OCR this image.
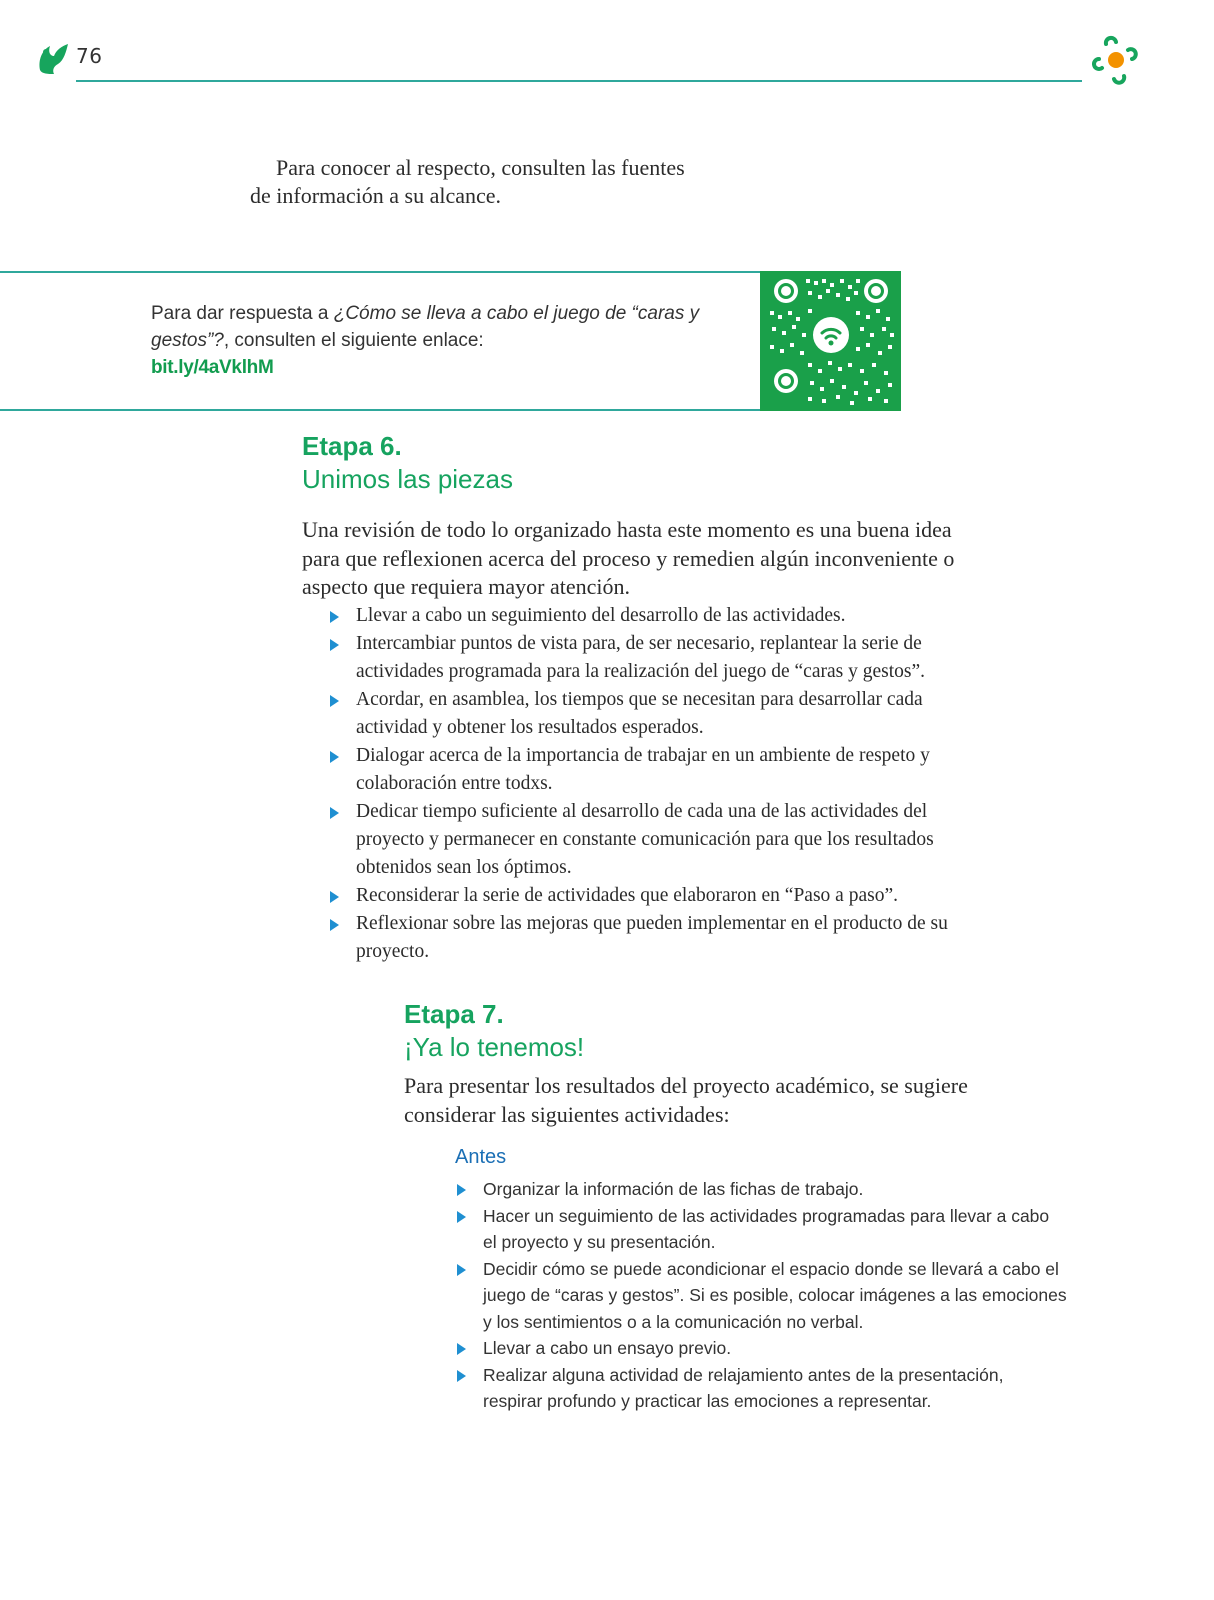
76

Para conocer al respecto, consulten las fuentes

de información a su alcance.

Para dar respuesta a ¿Cómo se lleva a cabo el juego de “caras y gestos”?, consulten el siguiente enlace:
bit.ly/4aVklhM
Etapa 6.
Unimos las piezas

Una revisión de todo lo organizado hasta este momento es una buena idea para que reflexionen acerca del proceso y remedien algún inconveniente o aspecto que requiera mayor atención.

Llevar a cabo un seguimiento del desarrollo de las actividades.
Intercambiar puntos de vista para, de ser necesario, replantear la serie de actividades programada para la realización del juego de “caras y gestos”.
Acordar, en asamblea, los tiempos que se necesitan para desarrollar cada actividad y obtener los resultados esperados.
Dialogar acerca de la importancia de trabajar en un ambiente de respeto y colaboración entre todxs.
Dedicar tiempo suficiente al desarrollo de cada una de las actividades del proyecto y permanecer en constante comunicación para que los resultados obtenidos sean los óptimos.
Reconsiderar la serie de actividades que elaboraron en “Paso a paso”.
Reflexionar sobre las mejoras que pueden implementar en el producto de su proyecto.
Etapa 7.
¡Ya lo tenemos!

Para presentar los resultados del proyecto académico, se sugiere considerar las siguientes actividades:

Antes
Organizar la información de las fichas de trabajo.
Hacer un seguimiento de las actividades programadas para llevar a cabo el proyecto y su presentación.
Decidir cómo se puede acondicionar el espacio donde se llevará a cabo el juego de “caras y gestos”. Si es posible, colocar imágenes a las emociones y los sentimientos o a la comunicación no verbal.
Llevar a cabo un ensayo previo.
Realizar alguna actividad de relajamiento antes de la presentación, respirar profundo y practicar las emociones a representar.
